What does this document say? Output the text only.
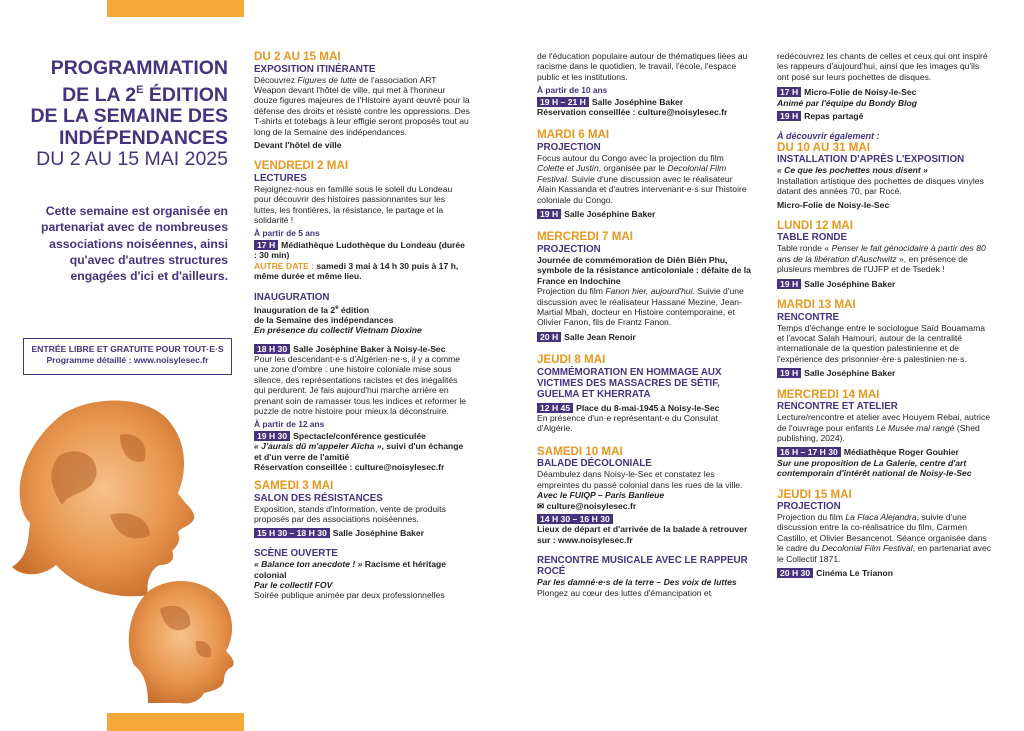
PROGRAMMATION
DE LA $2^E$ ÉDITION
DE LA SEMAINE DES
INDÉPENDANCES
DU 2 AU 15 MAI 2025
Cette semaine est organisée en partenariat avec de nombreuses associations noiséennes, ainsi qu'avec d'autres structures engagées d'ici et d'ailleurs.
ENTRÉE LIBRE ET GRATUITE POUR TOUT·E·S
Programme détaillé : www.noisylesec.fr
DU 2 AU 15 MAI
EXPOSITION ITINÉRANTE
Découvrez Figures de lutte de l'association ART Weapon devant l'hôtel de ville, qui met à l'honneur douze figures majeures de l'Histoire ayant œuvré pour la défense des droits et résisté contre les oppressions. Des T-shirts et totebags à leur effigie seront proposés tout au long de la Semaine des indépendances.
Devant l'hôtel de ville
VENDREDI 2 MAI
LECTURES
Rejoignez-nous en famille sous le soleil du Londeau pour découvrir des histoires passionnantes sur les luttes, les frontières, la résistance, le partage et la solidarité !
À partir de 5 ans
17 H Médiathèque Ludothèque du Londeau (durée : 30 min)
AUTRE DATE : samedi 3 mai à 14 h 30 puis à 17 h, même durée et même lieu.
INAUGURATION
Inauguration de la 2e édition
de la Semaine des indépendances
En présence du collectif Vietnam Dioxine
18 H 30 Salle Joséphine Baker à Noisy-le-Sec
Pour les descendant·e·s d'Algérien·ne·s, il y a comme une zone d'ombre : une histoire coloniale mise sous silence, des représentations racistes et des inégalités qui perdurent. Je fais aujourd'hui marche arrière en prenant soin de ramasser tous les indices et reformer le puzzle de notre histoire pour mieux la déconstruire.
À partir de 12 ans
19 H 30 Spectacle/conférence gesticulée
« J'aurais dû m'appeler Aïcha », suivi d'un échange et d'un verre de l'amitié
Réservation conseillée : culture@noisylesec.fr
SAMEDI 3 MAI
SALON DES RÉSISTANCES
Exposition, stands d'information, vente de produits proposés par des associations noiséennes.
15 H 30 – 18 H 30 Salle Joséphine Baker
SCÈNE OUVERTE
« Balance ton anecdote ! » Racisme et héritage colonial
Par le collectif FOV
Soirée publique animée par deux professionnelles
de l'éducation populaire autour de thématiques liées au racisme dans le quotidien, le travail, l'école, l'espace public et les institutions.
À partir de 10 ans
19 H – 21 H Salle Joséphine Baker
Réservation conseillée : culture@noisylesec.fr
MARDI 6 MAI
PROJECTION
Focus autour du Congo avec la projection du film Colette et Justin, organisée par le Decolonial Film Festival. Suivie d'une discussion avec le réalisateur Alain Kassanda et d'autres intervenant·e·s sur l'histoire coloniale du Congo.
19 H Salle Joséphine Baker
MERCREDI 7 MAI
PROJECTION
Journée de commémoration de Diên Biên Phu, symbole de la résistance anticoloniale : défaite de la France en Indochine
Projection du film Fanon hier, aujourd'hui. Suivie d'une discussion avec le réalisateur Hassane Mezine, Jean-Martial Mbah, docteur en Histoire contemporaine, et Olivier Fanon, fils de Frantz Fanon.
20 H Salle Jean Renoir
JEUDI 8 MAI
COMMÉMORATION EN HOMMAGE AUX VICTIMES DES MASSACRES DE SÉTIF, GUELMA ET KHERRATA
12 H 45 Place du 8-mai-1945 à Noisy-le-Sec
En présence d'un·e représentant·e du Consulat d'Algérie.
SAMEDI 10 MAI
BALADE DÉCOLONIALE
Déambulez dans Noisy-le-Sec et constatez les empreintes du passé colonial dans les rues de la ville.
Avec le FUIQP – Paris Banlieue
✉ culture@noisylesec.fr
14 H 30 – 16 H 30
Lieux de départ et d'arrivée de la balade à retrouver sur : www.noisylesec.fr
RENCONTRE MUSICALE AVEC LE RAPPEUR ROCÉ
Par les damné·e·s de la terre – Des voix de luttes
Plongez au cœur des luttes d'émancipation et
redécouvrez les chants de celles et ceux qui ont inspiré les rappeurs d'aujourd'hui, ainsi que les images qu'ils ont posé sur leurs pochettes de disques.
17 H Micro-Folie de Noisy-le-Sec
Animé par l'équipe du Bondy Blog
19 H Repas partagé
À découvrir également :
DU 10 AU 31 MAI
INSTALLATION D'APRÈS L'EXPOSITION
« Ce que les pochettes nous disent »
Installation artistique des pochettes de disques vinyles datant des années 70, par Rocé.
Micro-Folie de Noisy-le-Sec
LUNDI 12 MAI
TABLE RONDE
Table ronde « Penser le fait génocidaire à partir des 80 ans de la libération d'Auschwitz », en présence de plusieurs membres de l'UJFP et de Tsedek !
19 H Salle Joséphine Baker
MARDI 13 MAI
RENCONTRE
Temps d'échange entre le sociologue Saïd Bouamama et l'avocat Salah Hamouri, autour de la centralité internationale de la question palestinienne et de l'expérience des prisonnier·ère·s palestinien·ne·s.
19 H Salle Joséphine Baker
MERCREDI 14 MAI
RENCONTRE ET ATELIER
Lecture/rencontre et atelier avec Houyem Rebai, autrice de l'ouvrage pour enfants Le Musée mal rangé (Shed publishing, 2024).
16 H – 17 H 30 Médiathèque Roger Gouhier
Sur une proposition de La Galerie, centre d'art contemporain d'intérêt national de Noisy-le-Sec
JEUDI 15 MAI
PROJECTION
Projection du film La Flaca Alejandra, suivie d'une discussion entre la co-réalisatrice du film, Carmen Castillo, et Olivier Besancenot. Séance organisée dans le cadre du Decolonial Film Festival, en partenariat avec le Collectif 1871.
20 H 30 Cinéma Le Trianon
